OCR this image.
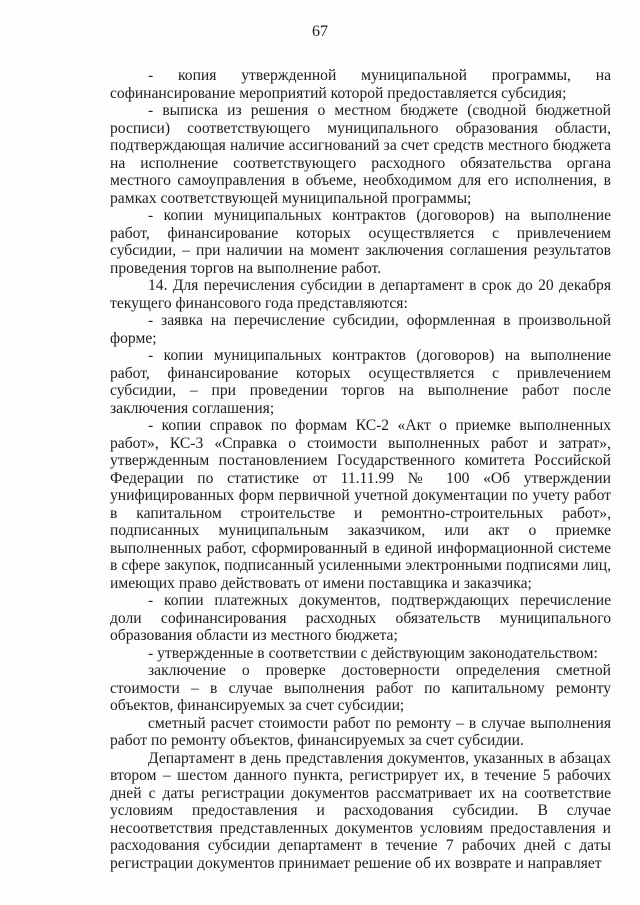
67

- копия утвержденной муниципальной программы, на софинансирование мероприятий которой предоставляется субсидия;

- выписка из решения о местном бюджете (сводной бюджетной росписи) соответствующего муниципального образования области, подтверждающая наличие ассигнований за счет средств местного бюджета на исполнение соответствующего расходного обязательства органа местного самоуправления в объеме, необходимом для его исполнения, в рамках соответствующей муниципальной программы;

- копии муниципальных контрактов (договоров) на выполнение работ, финансирование которых осуществляется с привлечением субсидии, – при наличии на момент заключения соглашения результатов проведения торгов на выполнение работ.

14. Для перечисления субсидии в департамент в срок до 20 декабря текущего финансового года представляются:

- заявка на перечисление субсидии, оформленная в произвольной форме;

- копии муниципальных контрактов (договоров) на выполнение работ, финансирование которых осуществляется с привлечением субсидии, – при проведении торгов на выполнение работ после заключения соглашения;

- копии справок по формам КС-2 «Акт о приемке выполненных работ», КС-3 «Справка о стоимости выполненных работ и затрат», утвержденным постановлением Государственного комитета Российской Федерации по статистике от 11.11.99 № 100 «Об утверждении унифицированных форм первичной учетной документации по учету работ в капитальном строительстве и ремонтно-строительных работ», подписанных муниципальным заказчиком, или акт о приемке выполненных работ, сформированный в единой информационной системе в сфере закупок, подписанный усиленными электронными подписями лиц, имеющих право действовать от имени поставщика и заказчика;

- копии платежных документов, подтверждающих перечисление доли софинансирования расходных обязательств муниципального образования области из местного бюджета;

- утвержденные в соответствии с действующим законодательством:

заключение о проверке достоверности определения сметной стоимости – в случае выполнения работ по капитальному ремонту объектов, финансируемых за счет субсидии;

сметный расчет стоимости работ по ремонту – в случае выполнения работ по ремонту объектов, финансируемых за счет субсидии.

Департамент в день представления документов, указанных в абзацах втором – шестом данного пункта, регистрирует их, в течение 5 рабочих дней с даты регистрации документов рассматривает их на соответствие условиям предоставления и расходования субсидии. В случае несоответствия представленных документов условиям предоставления и расходования субсидии департамент в течение 7 рабочих дней с даты регистрации документов принимает решение об их возврате и направляет
